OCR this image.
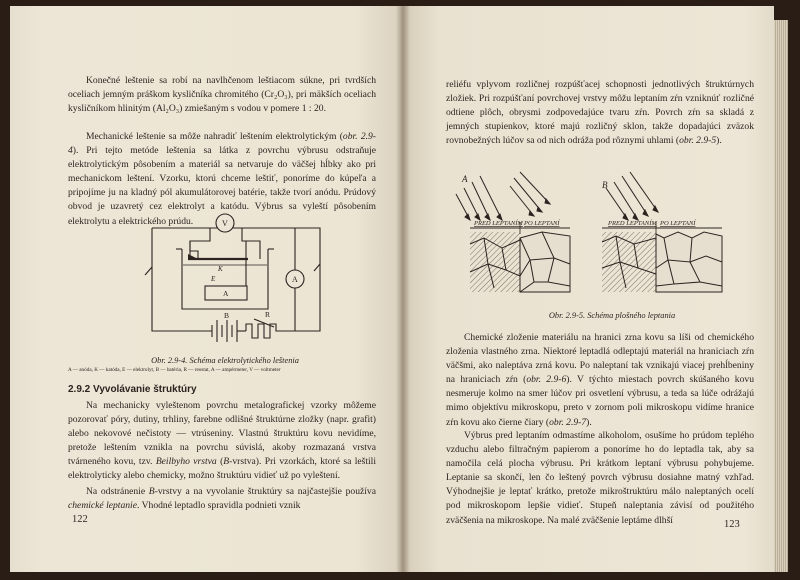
Konečné leštenie sa robí na navlhčenom leštiacom súkne, pri tvrdších oceliach jemným práškom kysličníka chromitého (Cr₂O₃), pri mäkších oceliach kysličníkom hlinitým (Al₂O₃) zmiešaným s vodou v pomere 1 : 20.

Mechanické leštenie sa môže nahradiť leštením elektrolytickým (obr. 2.9-4). Pri tejto metóde leštenia sa látka z povrchu výbrusu odstraňuje elektrolytickým pôsobením a materiál sa netvaruje do väčšej hĺbky ako pri mechanickom leštení. Vzorku, ktorú chceme leštiť, ponoríme do kúpeľa a pripojíme ju na kladný pól akumulátorovej batérie, takže tvorí anódu. Prúdový obvod je uzavretý cez elektrolyt a katódu. Výbrus sa vyleští pôsobením elektrolytu a elektrického prúdu.	V
A
K
E
A
B	R
Obr. 2.9-4. Schéma elektrolytického leštenia
A — anóda, K — katóda, E — elektrolyt, B — batéria, R — reostat, A — ampérmeter, V — voltmeter
2.9.2 Vyvolávanie štruktúry

Na mechanicky vyleštenom povrchu metalografickej vzorky môžeme pozorovať póry, dutiny, trhliny, farebne odlišné štruktúrne zložky (napr. grafit) alebo nekovové nečistoty — vtrúseniny. Vlastnú štruktúru kovu nevidíme, pretože leštením vznikla na povrchu súvislá, akoby rozmazaná vrstva tvárneného kovu, tzv. Beilbyho vrstva (B-vrstva). Pri vzorkách, ktoré sa leštili elektrolyticky alebo chemicky, možno štruktúru vidieť už po vyleštení.

Na odstránenie B-vrstvy a na vyvolanie štruktúry sa najčastejšie používa chemické leptanie. Vhodné leptadlo spravidla podnieti vznik

122

reliéfu vplyvom rozličnej rozpúšťacej schopnosti jednotlivých štruktúrnych zložiek. Pri rozpúšťaní povrchovej vrstvy môžu leptaním zŕn vzniknúť rozličné odtiene plôch, obrysmi zodpovedajúce tvaru zŕn. Povrch zŕn sa skladá z jemných stupienkov, ktoré majú rozličný sklon, takže dopadajúci zväzok rovnobežných lúčov sa od nich odráža pod rôznymi uhlami (obr. 2.9-5).

A
PRED LEPTANÍM PO LEPTANÍ
B
PRED LEPTANÍM PO LEPTANÍ
Obr. 2.9-5. Schéma plošného leptania

Chemické zloženie materiálu na hranici zrna kovu sa líši od chemického zloženia vlastného zrna. Niektoré leptadlá odleptajú materiál na hraniciach zŕn väčšmi, ako naleptáva zrná kovu. Po naleptaní tak vznikajú viacej prehĺbeniny na hraniciach zŕn (obr. 2.9-6). V týchto miestach povrch skúšaného kovu nesmeruje kolmo na smer lúčov pri osvetlení výbrusu, a teda sa lúče odrážajú mimo objektívu mikroskopu, preto v zornom poli mikroskopu vidíme hranice zŕn kovu ako čierne čiary (obr. 2.9-7).

Výbrus pred leptaním odmastíme alkoholom, osušíme ho prúdom teplého vzduchu alebo filtračným papierom a ponoríme ho do leptadla tak, aby sa namočila celá plocha výbrusu. Pri krátkom leptaní výbrusu pohybujeme. Leptanie sa skončí, len čo leštený povrch výbrusu dosiahne matný vzhľad. Výhodnejšie je leptať krátko, pretože mikroštruktúru málo naleptaných ocelí pod mikroskopom lepšie vidieť. Stupeň naleptania závisí od použitého zväčšenia na mikroskope. Na malé zväčšenie leptáme dlhší	123
